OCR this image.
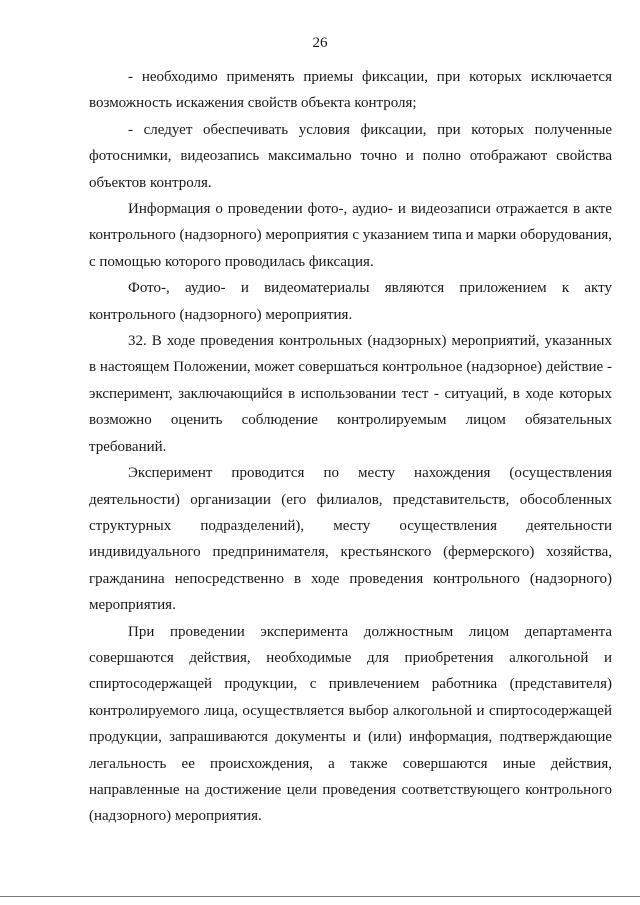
26

- необходимо применять приемы фиксации, при которых исключается возможность искажения свойств объекта контроля;

- следует обеспечивать условия фиксации, при которых полученные фотоснимки, видеозапись максимально точно и полно отображают свойства объектов контроля.

Информация о проведении фото-, аудио- и видеозаписи отражается в акте контрольного (надзорного) мероприятия с указанием типа и марки оборудования, с помощью которого проводилась фиксация.

Фото-, аудио- и видеоматериалы являются приложением к акту контрольного (надзорного) мероприятия.

32. В ходе проведения контрольных (надзорных) мероприятий, указанных в настоящем Положении, может совершаться контрольное (надзорное) действие - эксперимент, заключающийся в использовании тест - ситуаций, в ходе которых возможно оценить соблюдение контролируемым лицом обязательных требований.

Эксперимент проводится по месту нахождения (осуществления деятельности) организации (его филиалов, представительств, обособленных структурных подразделений), месту осуществления деятельности индивидуального предпринимателя, крестьянского (фермерского) хозяйства, гражданина непосредственно в ходе проведения контрольного (надзорного) мероприятия.

При проведении эксперимента должностным лицом департамента совершаются действия, необходимые для приобретения алкогольной и спиртосодержащей продукции, с привлечением работника (представителя) контролируемого лица, осуществляется выбор алкогольной и спиртосодержащей продукции, запрашиваются документы и (или) информация, подтверждающие легальность ее происхождения, а также совершаются иные действия, направленные на достижение цели проведения соответствующего контрольного (надзорного) мероприятия.
